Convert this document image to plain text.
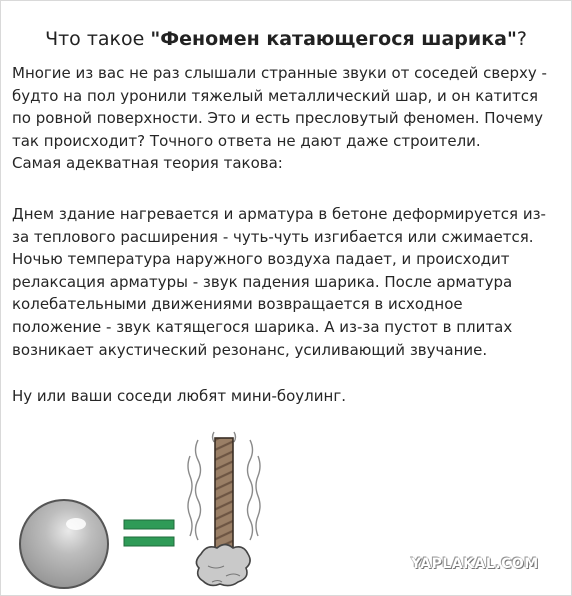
Что такое "Феномен катающегося шарика"?
Многие из вас не раз слышали странные звуки от соседей сверху -
будто на пол уронили тяжелый металлический шар, и он катится
по ровной поверхности. Это и есть пресловутый феномен. Почему
так происходит? Точного ответа не дают даже строители.
Самая адекватная теория такова:
Днем здание нагревается и арматура в бетоне деформируется из-
за теплового расширения - чуть-чуть изгибается или сжимается.
Ночью температура наружного воздуха падает, и происходит
релаксация арматуры - звук падения шарика. После арматура
колебательными движениями возвращается в исходное
положение - звук катящегося шарика. А из-за пустот в плитах
возникает акустический резонанс, усиливающий звучание.
Ну или ваши соседи любят мини-боулинг.
YAPLAKAL.COM
